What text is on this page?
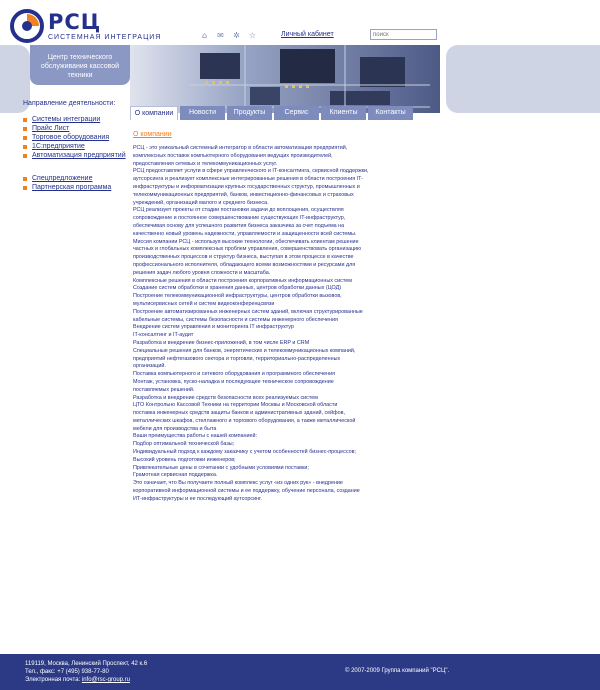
РСЦ
СИСТЕМНАЯ ИНТЕГРАЦИЯ	⌂ ✉ ✲ ☆	Личный кабинет
поиск
Центр технического обслуживания кассовой техники
Направление деятельности:
Системы интеграции
Прайс Лист
Торговое оборудования
1С:предприятие
Автоматизация предприятий
Спецпредложение
Партнерская программа
О компании	Новости	Продукты	Сервис	Клиенты	Контакты
О компании

РСЦ - это уникальный системный интегратор в области автоматизации предприятий, комплексных поставок компьютерного оборудования ведущих производителей, предоставления сетевых и телекоммуникационных услуг.
РСЦ предоставляет услуги в сфере управленческого и IT-консалтинга, сервисной поддержки, аутсорсинга и реализует комплексные интегрированные решения в области построения IT-инфраструктуры и информатизации крупных государственных структур, промышленных и телекоммуникационных предприятий, банков, инвестиционно-финансовых и страховых учреждений, организаций малого и среднего бизнеса.
РСЦ реализует проекты от стадии постановки задачи до воплощения, осуществляя сопровождение и постоянное совершенствование существующих IT-инфраструктур, обеспечивая основу для успешного развития бизнеса заказчика за счет подъема на качественно новый уровень надежности, управляемости и защищенности всей системы.
Миссия компании РСЦ - используя высокие технологии, обеспечивать клиентам решение частных и глобальных комплексных проблем управления, совершенствовать организацию производственных процессов и структур бизнеса, выступая в этом процессе в качестве профессионального исполнителя, обладающего всеми возможностями и ресурсами для решения задач любого уровня сложности и масштаба.
Комплексные решения в области построения корпоративных информационных систем
Создание систем обработки и хранения данных, центров обработки данных (ЦОД)
Построение телекоммуникационной инфраструктуры, центров обработки вызовов, мультисервисных сетей и систем видеоконференцсвязи
Построение автоматизированных инженерных систем зданий, включая структурированные кабельные системы, системы безопасности и системы инженерного обеспечения
Внедрение систем управления и мониторинга IT инфраструктур
IT-консалтинг и IT-аудит
Разработка и внедрение бизнес-приложений, в том числе ERP и CRM
Специальные решения для банков, энергетических и телекоммуникационных компаний, предприятий нефтегазового сектора и торговли, территориально-распределенных организаций.
Поставка компьютерного и сетевого оборудования и программного обеспечения
Монтаж, установка, пуско-наладка и последующее техническое сопровождение поставляемых решений.
Разработка и внедрение средств безопасности всех реализуемых систем
ЦТО Контрольно Кассовой Техники на территории Москвы и Московской области
поставка инженерных средств защиты банков и административных зданий, сейфов, металлических шкафов, стеллажного и торгового оборудования, а также металлической мебели для производства и быта
Ваши преимущества работы с нашей компанией:
Подбор оптимальной технической базы;
Индивидуальный подход к каждому заказчику с учетом особенностей бизнес-процессов;
Высокий уровень подготовки инженеров;
Привлекательные цены в сочетании с удобными условиями поставки;
Грамотная сервисная поддержка.
Это означает, что Вы получаете полный комплекс услуг «из одних рук» - внедрение корпоративной информационной системы и ее поддержку, обучение персонала, создание
ИТ-инфраструктуры и ее последующий аутсорсинг.

119119, Москва, Ленинский Проспект, 42 к.6
Тел., факс: +7 (495) 938-77-80
Электронная почта: info@rsc-group.ru
© 2007-2009 Группа компаний "РСЦ".
